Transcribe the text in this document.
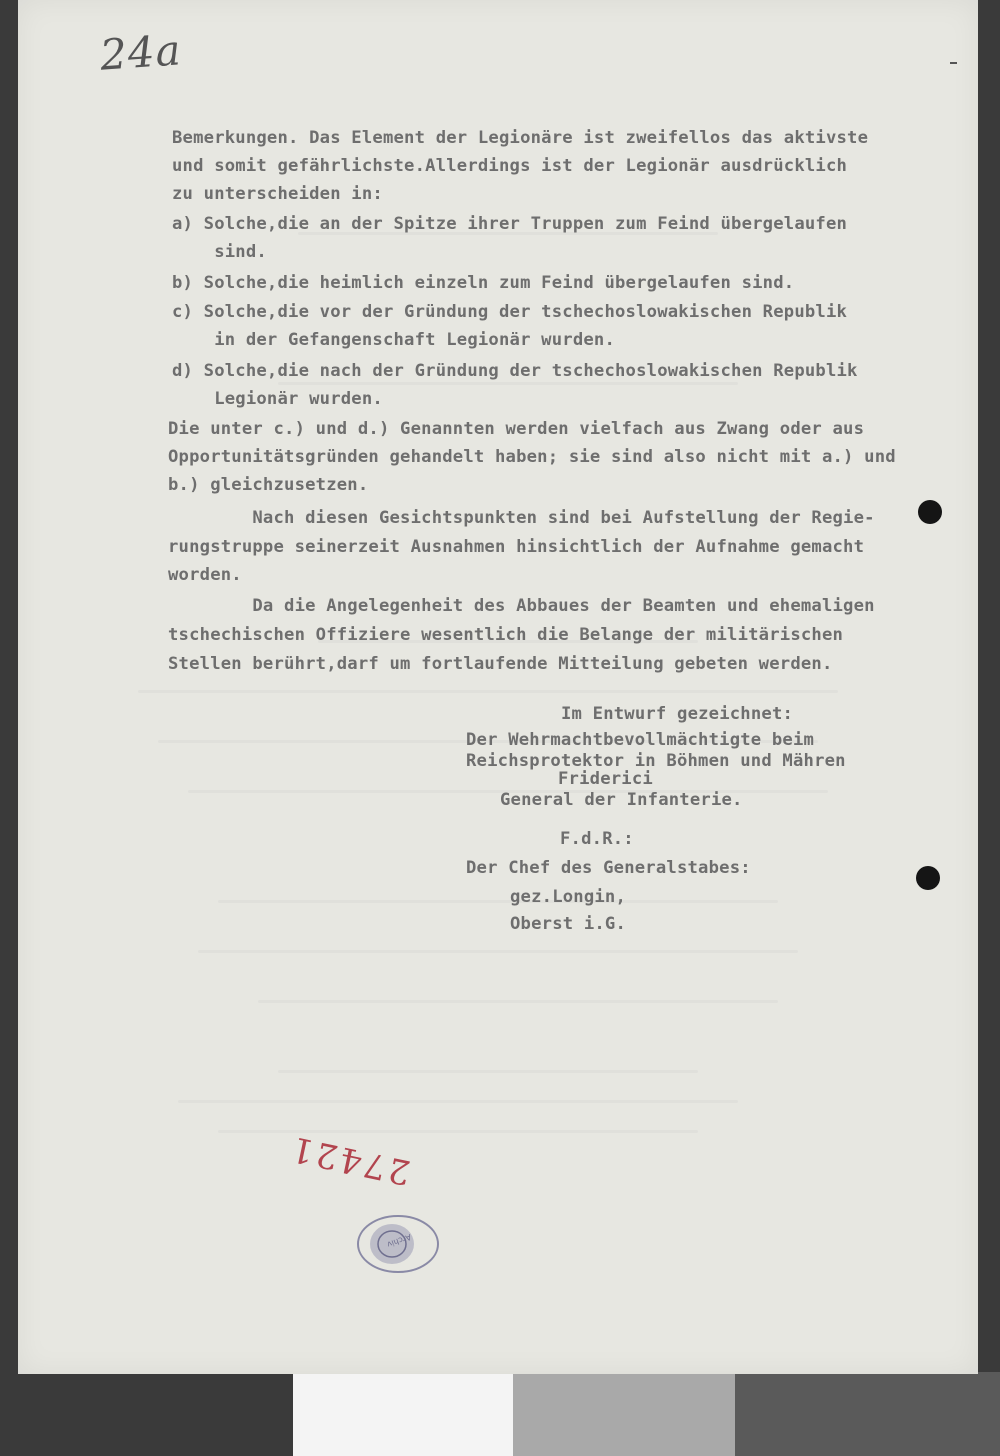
24a
Bemerkungen. Das Element der Legionäre ist zweifellos das aktivste
und somit gefährlichste.Allerdings ist der Legionär ausdrücklich
zu unterscheiden in:
a) Solche,die an der Spitze ihrer Truppen zum Feind übergelaufen
sind.
b) Solche,die heimlich einzeln zum Feind übergelaufen sind.
c) Solche,die vor der Gründung der tschechoslowakischen Republik
in der Gefangenschaft Legionär wurden.
d) Solche,die nach der Gründung der tschechoslowakischen Republik
Legionär wurden.
Die unter c.) und d.) Genannten werden vielfach aus Zwang oder aus
Opportunitätsgründen gehandelt haben; sie sind also nicht mit a.) und
b.) gleichzusetzen.
Nach diesen Gesichtspunkten sind bei Aufstellung der Regie-
rungstruppe seinerzeit Ausnahmen hinsichtlich der Aufnahme gemacht
worden.
Da die Angelegenheit des Abbaues der Beamten und ehemaligen
tschechischen Offiziere wesentlich die Belange der militärischen
Stellen berührt,darf um fortlaufende Mitteilung gebeten werden.
Im Entwurf gezeichnet:
Der Wehrmachtbevollmächtigte beim
Reichsprotektor in Böhmen und Mähren
Friderici
General der Infanterie.
F.d.R.:
Der Chef des Generalstabes:
gez.Longin,
Oberst i.G.
27421
Archiv
